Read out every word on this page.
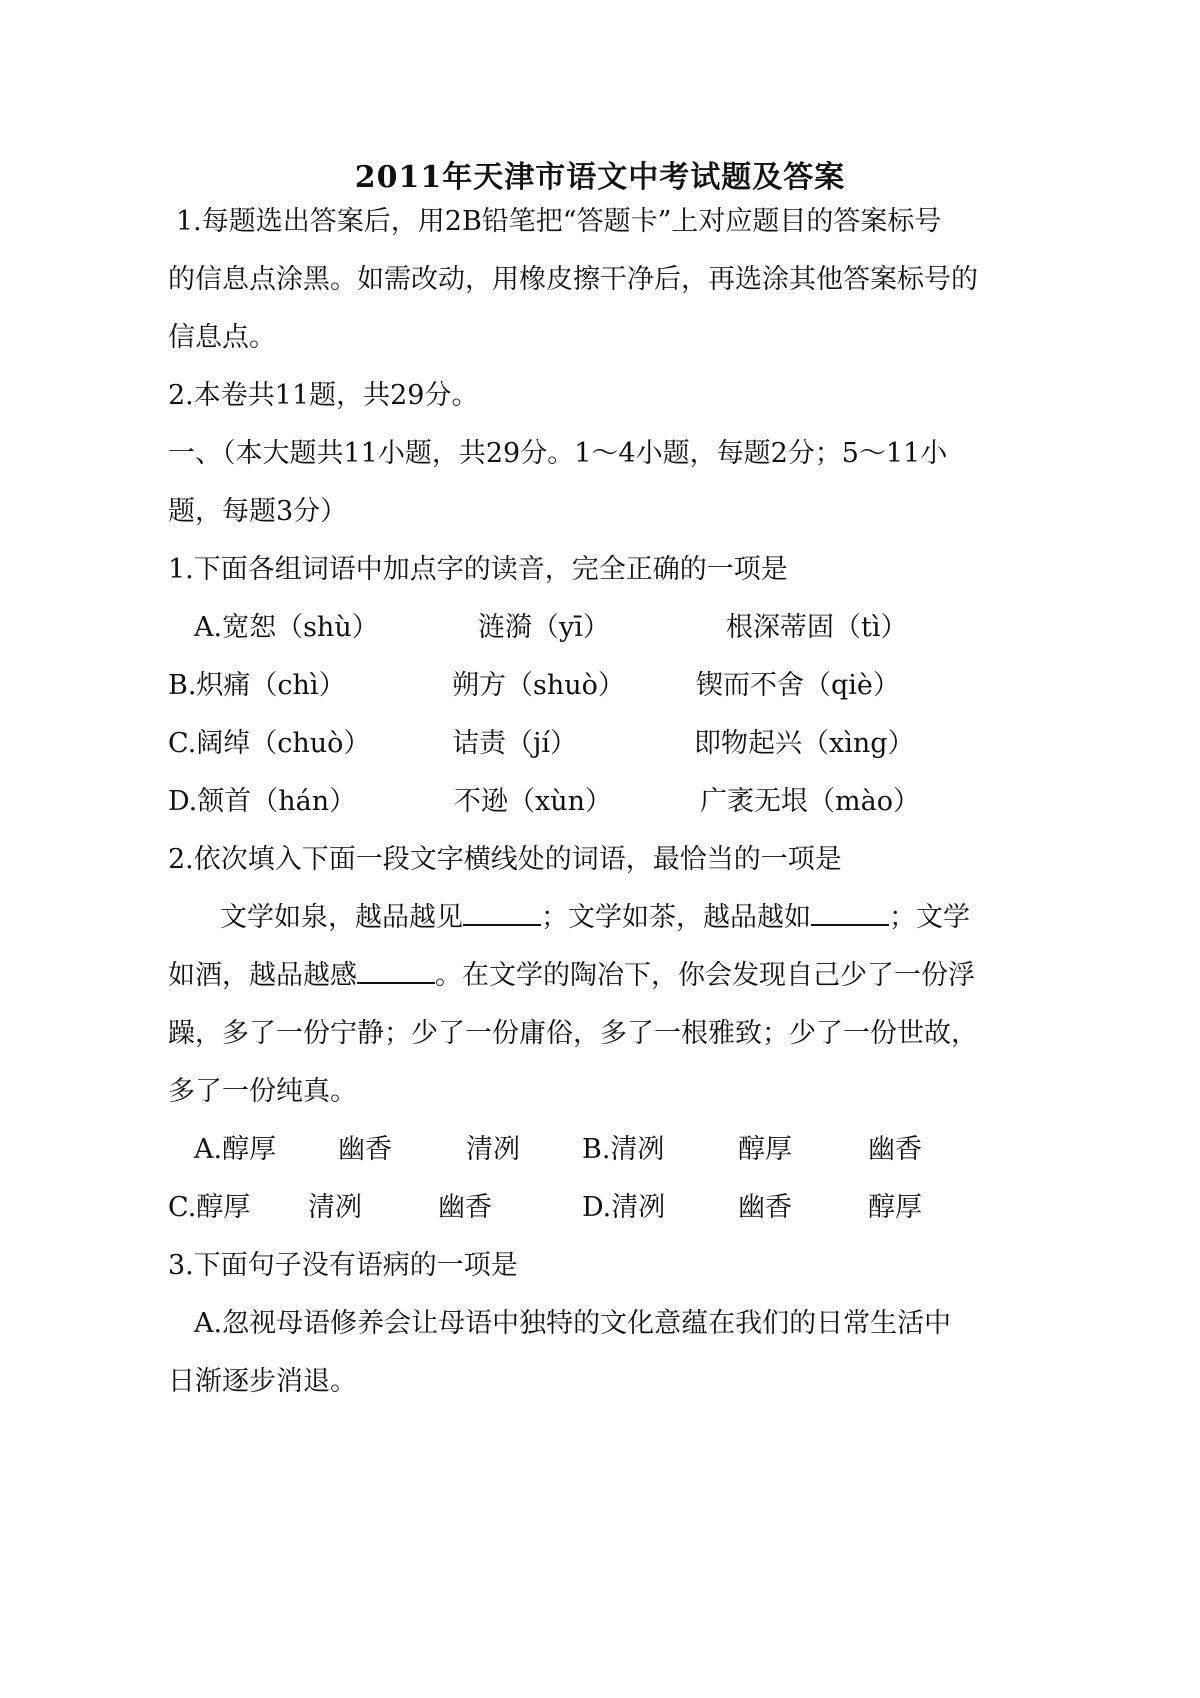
2011年天津市语文中考试题及答案
1.每题选出答案后，用2B铅笔把“答题卡”上对应题目的答案标号
的信息点涂黑。如需改动，用橡皮擦干净后，再选涂其他答案标号的
信息点。
2.本卷共11题，共29分。
一、（本大题共11小题，共29分。1～4小题，每题2分；5～11小
题，每题3分）
1.下面各组词语中加点字的读音，完全正确的一项是
A.宽恕（shù）	涟漪（yī）	根深蒂固（tì）
B.炽痛（chì）	朔方（shuò）	锲而不舍（qiè）
C.阔绰（chuò）	诘责（jí）	即物起兴（xìng）
D.颔首（hán）	不逊（xùn）	广袤无垠（mào）
2.依次填入下面一段文字横线处的词语，最恰当的一项是
文学如泉，越品越见	；文学如茶，越品越如	；文学
如酒，越品越感	。在文学的陶冶下，你会发现自己少了一份浮
躁，多了一份宁静；少了一份庸俗，多了一根雅致；少了一份世故，
多了一份纯真。
A.醇厚 幽香	清冽 B.清冽	醇厚	幽香
C.醇厚 清冽	幽香	D.清冽	幽香	醇厚
3.下面句子没有语病的一项是
A.忽视母语修养会让母语中独特的文化意蕴在我们的日常生活中
日渐逐步消退。
